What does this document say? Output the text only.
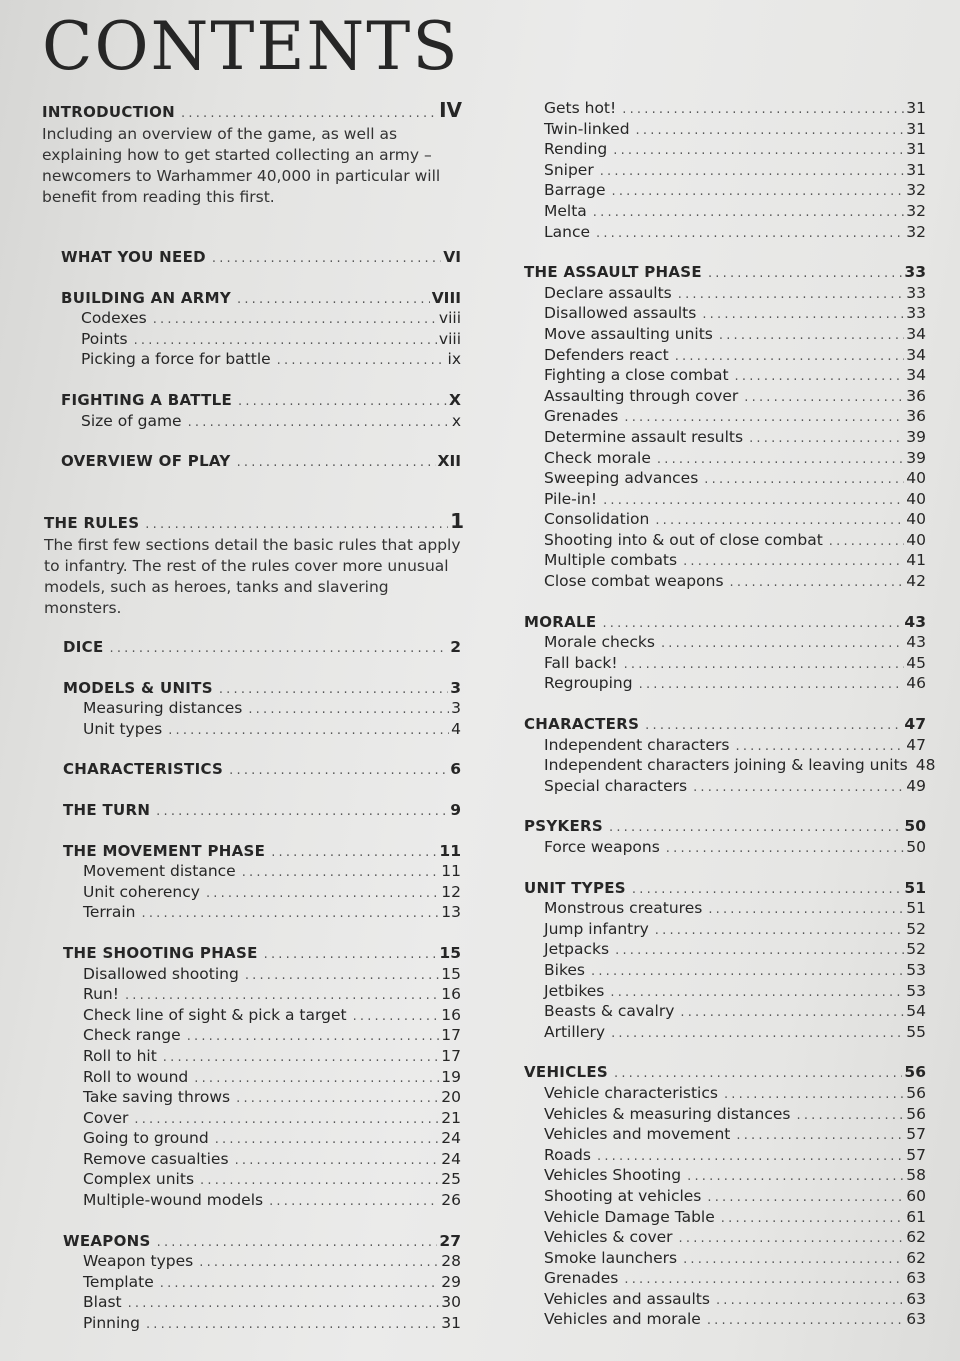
CONTENTS
INTRODUCTION .....	IV
Including an overview of the game, as well as explaining how to get started collecting an army – newcomers to Warhammer 40,000 in particular will benefit from reading this first.
WHAT YOU NEED .....	VI
BUILDING AN ARMY .....	VIII
Codexes .....	viii
Points .....	viii
Picking a force for battle .....	ix
FIGHTING A BATTLE .....	X
Size of game .....	x
OVERVIEW OF PLAY .....	XII
THE RULES .....	1
The first few sections detail the basic rules that apply to infantry. The rest of the rules cover more unusual models, such as heroes, tanks and slavering monsters.
DICE .....	2
MODELS & UNITS .....	3
Measuring distances .....	3
Unit types .....	4
CHARACTERISTICS .....	6
THE TURN .....	9
THE MOVEMENT PHASE .....	11
Movement distance .....	11
Unit coherency .....	12
Terrain .....	13
THE SHOOTING PHASE .....	15
Disallowed shooting .....	15
Run! .....	16
Check line of sight & pick a target .....	16
Check range .....	17
Roll to hit .....	17
Roll to wound .....	19
Take saving throws .....	20
Cover .....	21
Going to ground .....	24
Remove casualties .....	24
Complex units .....	25
Multiple-wound models .....	26
WEAPONS .....	27
Weapon types .....	28
Template .....	29
Blast .....	30
Pinning .....	31
Gets hot! .....	31
Twin-linked .....	31
Rending .....	31
Sniper .....	31
Barrage .....	32
Melta .....	32
Lance .....	32
THE ASSAULT PHASE .....	33
Declare assaults .....	33
Disallowed assaults .....	33
Move assaulting units .....	34
Defenders react .....	34
Fighting a close combat .....	34
Assaulting through cover .....	36
Grenades .....	36
Determine assault results .....	39
Check morale .....	39
Sweeping advances .....	40
Pile-in! .....	40
Consolidation .....	40
Shooting into & out of close combat .....	40
Multiple combats .....	41
Close combat weapons .....	42
MORALE .....	43
Morale checks .....	43
Fall back! .....	45
Regrouping .....	46
CHARACTERS .....	47
Independent characters .....	47
Independent characters joining & leaving units 48
Special characters .....	49
PSYKERS .....	50
Force weapons .....	50
UNIT TYPES .....	51
Monstrous creatures .....	51
Jump infantry .....	52
Jetpacks .....	52
Bikes .....	53
Jetbikes .....	53
Beasts & cavalry .....	54
Artillery .....	55
VEHICLES .....	56
Vehicle characteristics .....	56
Vehicles & measuring distances .....	56
Vehicles and movement .....	57
Roads .....	57
Vehicles Shooting .....	58
Shooting at vehicles .....	60
Vehicle Damage Table .....	61
Vehicles & cover .....	62
Smoke launchers .....	62
Grenades .....	63
Vehicles and assaults .....	63
Vehicles and morale .....	63
